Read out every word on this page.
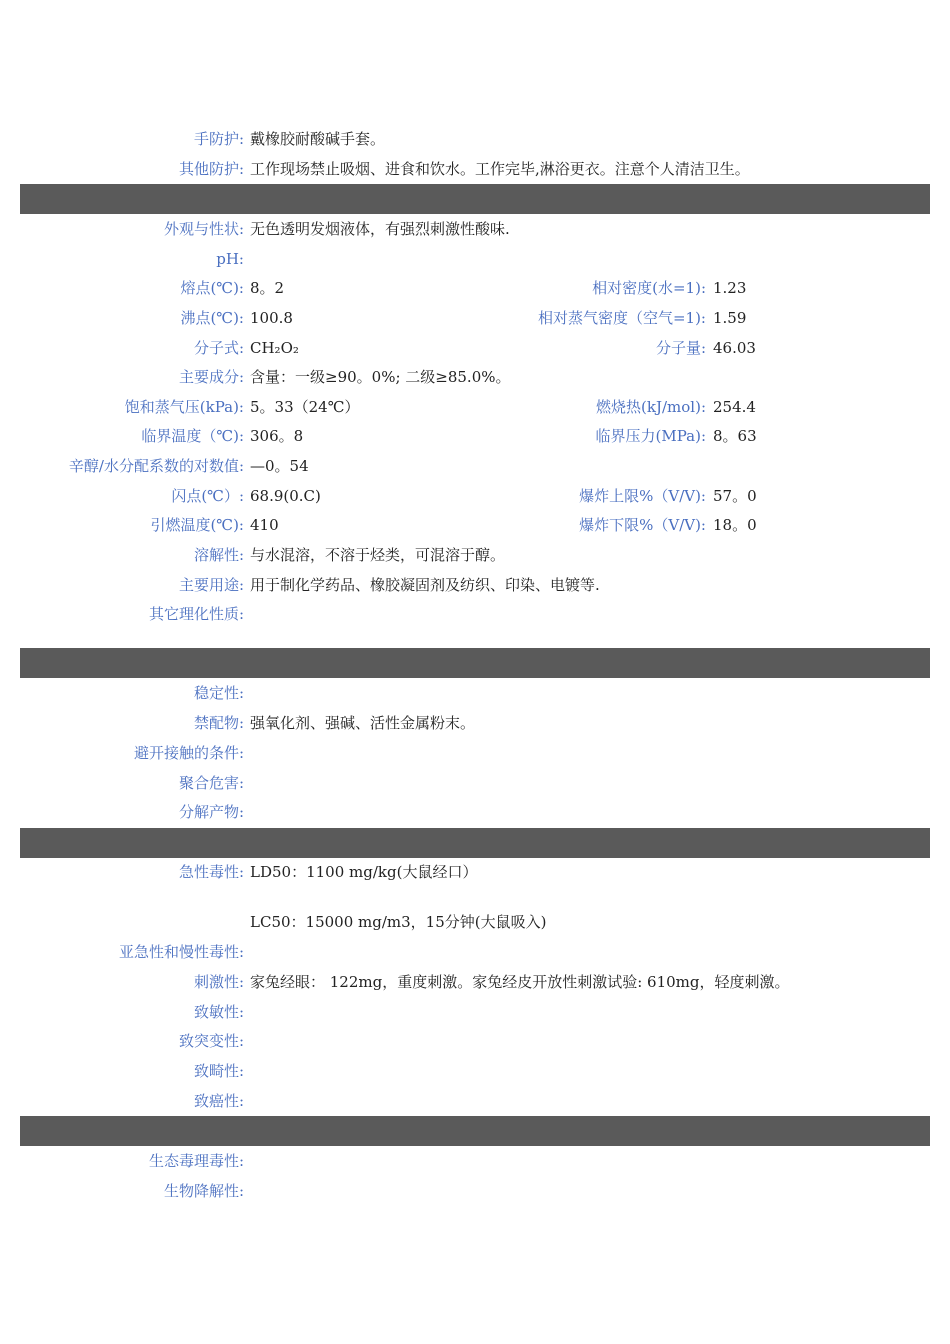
手防护: 戴橡胶耐酸碱手套。
其他防护: 工作现场禁止吸烟、进食和饮水。工作完毕,淋浴更衣。注意个人清洁卫生。
外观与性状: 无色透明发烟液体，有强烈刺激性酸味.
pH:
熔点(℃): 8。2	相对密度(水=1): 1.23
沸点(℃): 100.8	相对蒸气密度（空气=1): 1.59
分子式: CH₂O₂	分子量: 46.03
主要成分: 含量：一级≥90。0%; 二级≥85.0%。
饱和蒸气压(kPa): 5。33（24℃）	燃烧热(kJ/mol): 254.4
临界温度（℃): 306。8	临界压力(MPa): 8。63
辛醇/水分配系数的对数值: —0。54
闪点(℃）: 68.9(0.C)	爆炸上限%（V/V): 57。0
引燃温度(℃): 410	爆炸下限%（V/V): 18。0
溶解性: 与水混溶，不溶于烃类，可混溶于醇。
主要用途: 用于制化学药品、橡胶凝固剂及纺织、印染、电镀等.
其它理化性质:
稳定性:
禁配物: 强氧化剂、强碱、活性金属粉末。
避开接触的条件:
聚合危害:
分解产物:
急性毒性: LD50：1100 mg/kg(大鼠经口）
LC50：15000 mg/m3，15分钟(大鼠吸入)
亚急性和慢性毒性:
刺激性: 家兔经眼： 122mg，重度刺激。家兔经皮开放性刺激试验: 610mg，轻度刺激。
致敏性:
致突变性:
致畸性:
致癌性:
生态毒理毒性:
生物降解性:
